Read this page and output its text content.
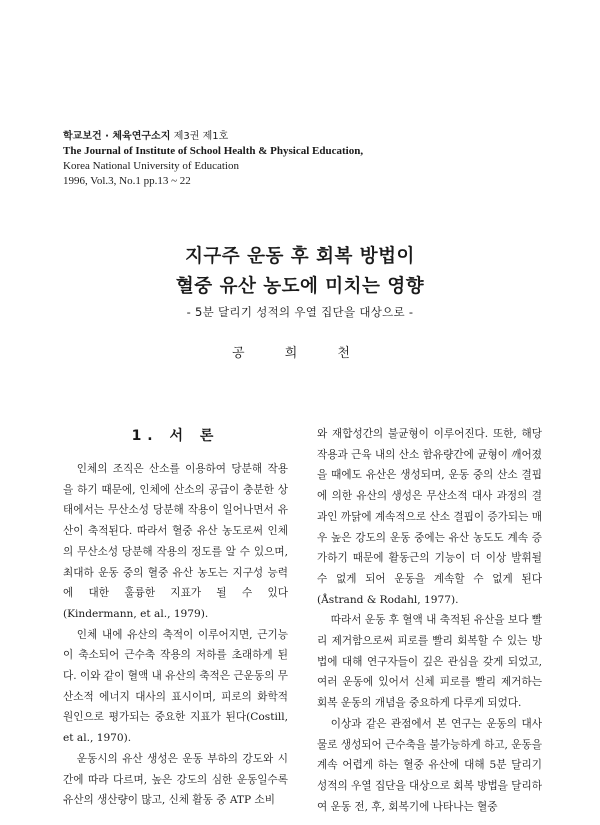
학교보건 · 체육연구소지 제3권 제1호
The Journal of Institute of School Health & Physical Education,
Korea National University of Education
1996, Vol.3, No.1 pp.13 ~ 22
지구주 운동 후 회복 방법이
혈중 유산 농도에 미치는 영향
- 5분 달리기 성적의 우열 집단을 대상으로 -
공 희 천
1. 서 론

인체의 조직은 산소를 이용하여 당분해 작용을 하기 때문에, 인체에 산소의 공급이 충분한 상태에서는 무산소성 당분해 작용이 일어나면서 유산이 축적된다. 따라서 혈중 유산 농도로써 인체의 무산소성 당분해 작용의 정도를 알 수 있으며, 최대하 운동 중의 혈중 유산 농도는 지구성 능력에 대한 훌륭한 지표가 될 수 있다 (Kindermann, et al., 1979).

인체 내에 유산의 축적이 이루어지면, 근기능이 축소되어 근수축 작용의 저하를 초래하게 된다. 이와 같이 혈액 내 유산의 축적은 근운동의 무산소적 에너지 대사의 표시이며, 피로의 화학적 원인으로 평가되는 중요한 지표가 된다(Costill, et al., 1970).

운동시의 유산 생성은 운동 부하의 강도와 시간에 따라 다르며, 높은 강도의 심한 운동일수록 유산의 생산량이 많고, 신체 활동 중 ATP 소비

와 재합성간의 불균형이 이루어진다. 또한, 해당 작용과 근육 내의 산소 함유량간에 균형이 깨어졌을 때에도 유산은 생성되며, 운동 중의 산소 결핍에 의한 유산의 생성은 무산소적 대사 과정의 결과인 까닭에 계속적으로 산소 결핍이 증가되는 매우 높은 강도의 운동 중에는 유산 농도도 계속 증가하기 때문에 활동근의 기능이 더 이상 발휘될 수 없게 되어 운동을 계속할 수 없게 된다(Åstrand & Rodahl, 1977).

따라서 운동 후 혈액 내 축적된 유산을 보다 빨리 제거함으로써 피로를 빨리 회복할 수 있는 방법에 대해 연구자들이 깊은 관심을 갖게 되었고, 여러 운동에 있어서 신체 피로를 빨리 제거하는 회복 운동의 개념을 중요하게 다루게 되었다.

이상과 같은 관점에서 본 연구는 운동의 대사물로 생성되어 근수축을 불가능하게 하고, 운동을 계속 어렵게 하는 혈중 유산에 대해 5분 달리기 성적의 우열 집단을 대상으로 회복 방법을 달리하여 운동 전, 후, 회복기에 나타나는 혈중
